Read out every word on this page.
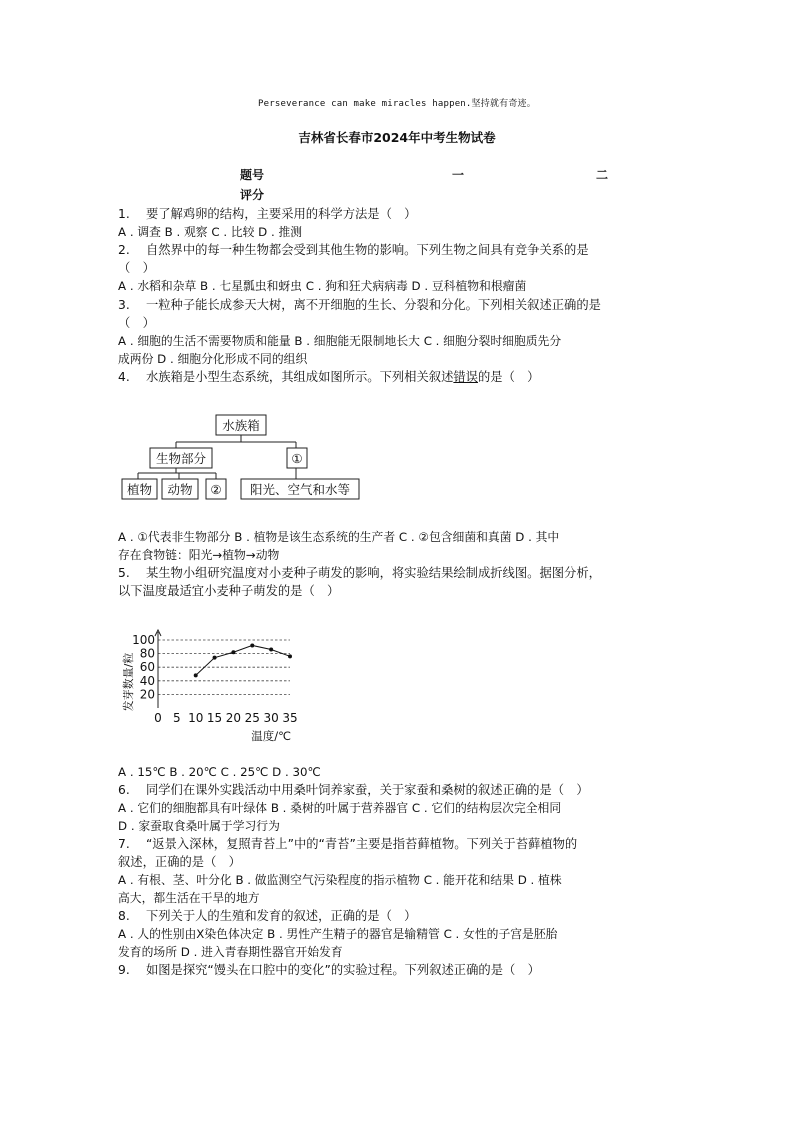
Perseverance can make miracles happen.坚持就有奇迹。
吉林省长春市2024年中考生物试卷
题号
评分
一	二
1.  要了解鸡卵的结构，主要采用的科学方法是（ ）
A . 调查 B . 观察 C . 比较 D . 推测
2.  自然界中的每一种生物都会受到其他生物的影响。下列生物之间具有竞争关系的是
（ ）
A . 水稻和杂草 B . 七星瓢虫和蚜虫 C . 狗和狂犬病病毒 D . 豆科植物和根瘤菌
3.  一粒种子能长成参天大树，离不开细胞的生长、分裂和分化。下列相关叙述正确的是
（ ）
A . 细胞的生活不需要物质和能量 B . 细胞能无限制地长大 C . 细胞分裂时细胞质先分
成两份 D . 细胞分化形成不同的组织
4.  水族箱是小型生态系统，其组成如图所示。下列相关叙述错误的是（ ）
水族箱
生物部分	①
植物 动物 ② 阳光、空气和水等
A . ①代表非生物部分 B . 植物是该生态系统的生产者 C . ②包含细菌和真菌 D . 其中
存在食物链：阳光→植物→动物
5.  某生物小组研究温度对小麦种子萌发的影响，将实验结果绘制成折线图。据图分析，
以下温度最适宜小麦种子萌发的是（ ）
20
40
60
80
100
0 5 10 15 20 25 30 35
发芽数量/粒
温度/℃
A . 15℃ B . 20℃ C . 25℃ D . 30℃
6.  同学们在课外实践活动中用桑叶饲养家蚕，关于家蚕和桑树的叙述正确的是（ ）
A . 它们的细胞都具有叶绿体 B . 桑树的叶属于营养器官 C . 它们的结构层次完全相同
D . 家蚕取食桑叶属于学习行为
7.  “返景入深林，复照青苔上”中的“青苔”主要是指苔藓植物。下列关于苔藓植物的
叙述，正确的是（ ）
A . 有根、茎、叶分化 B . 做监测空气污染程度的指示植物 C . 能开花和结果 D . 植株
高大，都生活在干旱的地方
8.  下列关于人的生殖和发育的叙述，正确的是（ ）
A . 人的性别由X染色体决定 B . 男性产生精子的器官是输精管 C . 女性的子宫是胚胎
发育的场所 D . 进入青春期性器官开始发育
9.  如图是探究“馒头在口腔中的变化”的实验过程。下列叙述正确的是（ ）
